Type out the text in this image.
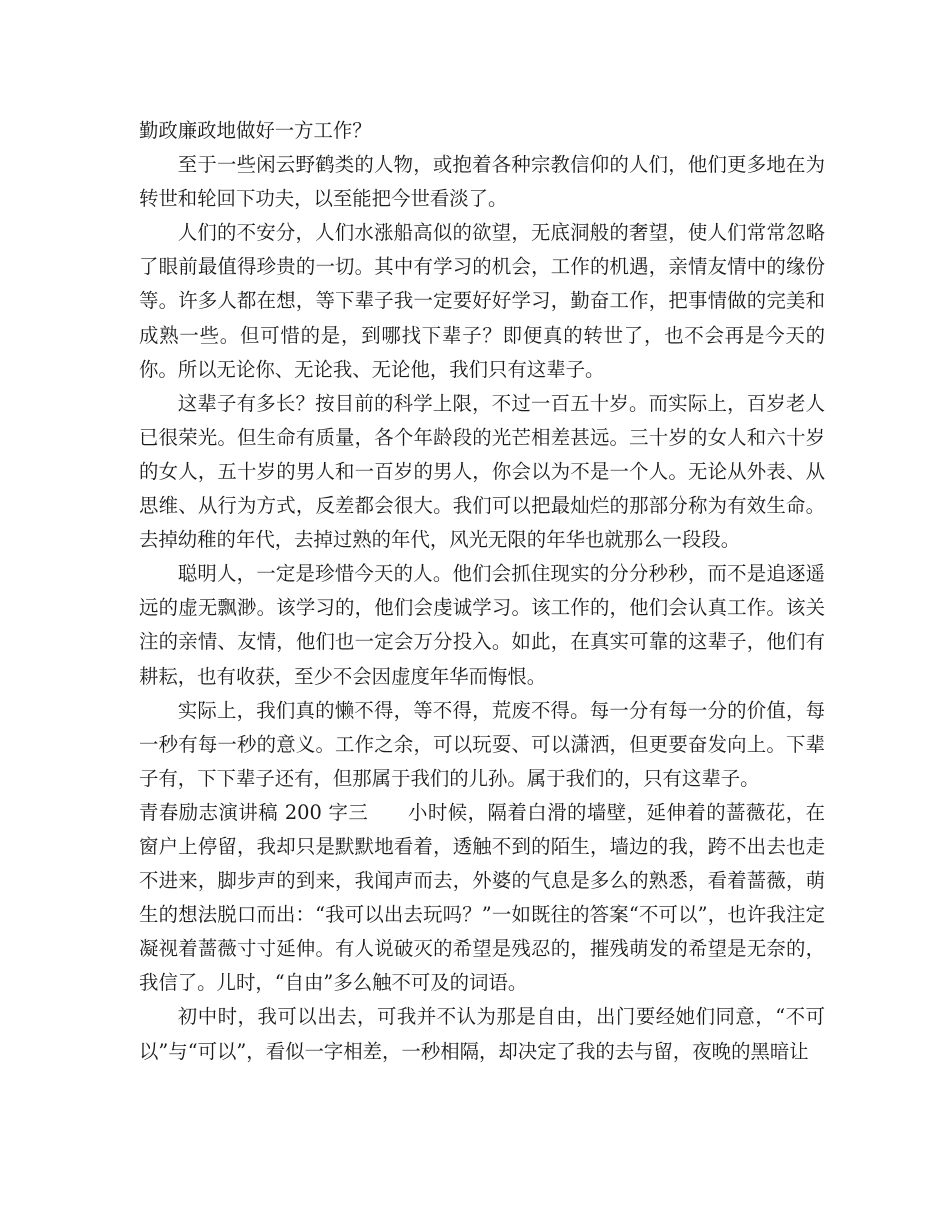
勤政廉政地做好一方工作？

至于一些闲云野鹤类的人物，或抱着各种宗教信仰的人们，他们更多地在为转世和轮回下功夫，以至能把今世看淡了。

人们的不安分，人们水涨船高似的欲望，无底洞般的奢望，使人们常常忽略了眼前最值得珍贵的一切。其中有学习的机会，工作的机遇，亲情友情中的缘份等。许多人都在想，等下辈子我一定要好好学习，勤奋工作，把事情做的完美和成熟一些。但可惜的是，到哪找下辈子？即便真的转世了，也不会再是今天的你。所以无论你、无论我、无论他，我们只有这辈子。

这辈子有多长？按目前的科学上限，不过一百五十岁。而实际上，百岁老人已很荣光。但生命有质量，各个年龄段的光芒相差甚远。三十岁的女人和六十岁的女人，五十岁的男人和一百岁的男人，你会以为不是一个人。无论从外表、从思维、从行为方式，反差都会很大。我们可以把最灿烂的那部分称为有效生命。去掉幼稚的年代，去掉过熟的年代，风光无限的年华也就那么一段段。

聪明人，一定是珍惜今天的人。他们会抓住现实的分分秒秒，而不是追逐遥远的虚无飘渺。该学习的，他们会虔诚学习。该工作的，他们会认真工作。该关注的亲情、友情，他们也一定会万分投入。如此，在真实可靠的这辈子，他们有耕耘，也有收获，至少不会因虚度年华而悔恨。

实际上，我们真的懒不得，等不得，荒废不得。每一分有每一分的价值，每一秒有每一秒的意义。工作之余，可以玩耍、可以潇洒，但更要奋发向上。下辈子有，下下辈子还有，但那属于我们的儿孙。属于我们的，只有这辈子。

青春励志演讲稿 200 字三　　小时候，隔着白滑的墙壁，延伸着的蔷薇花，在窗户上停留，我却只是默默地看着，透触不到的陌生，墙边的我，跨不出去也走不进来，脚步声的到来，我闻声而去，外婆的气息是多么的熟悉，看着蔷薇，萌生的想法脱口而出：“我可以出去玩吗？”一如既往的答案“不可以”，也许我注定凝视着蔷薇寸寸延伸。有人说破灭的希望是残忍的，摧残萌发的希望是无奈的，我信了。儿时，“自由”多么触不可及的词语。

初中时，我可以出去，可我并不认为那是自由，出门要经她们同意，“不可以”与“可以”，看似一字相差，一秒相隔，却决定了我的去与留，夜晚的黑暗让
